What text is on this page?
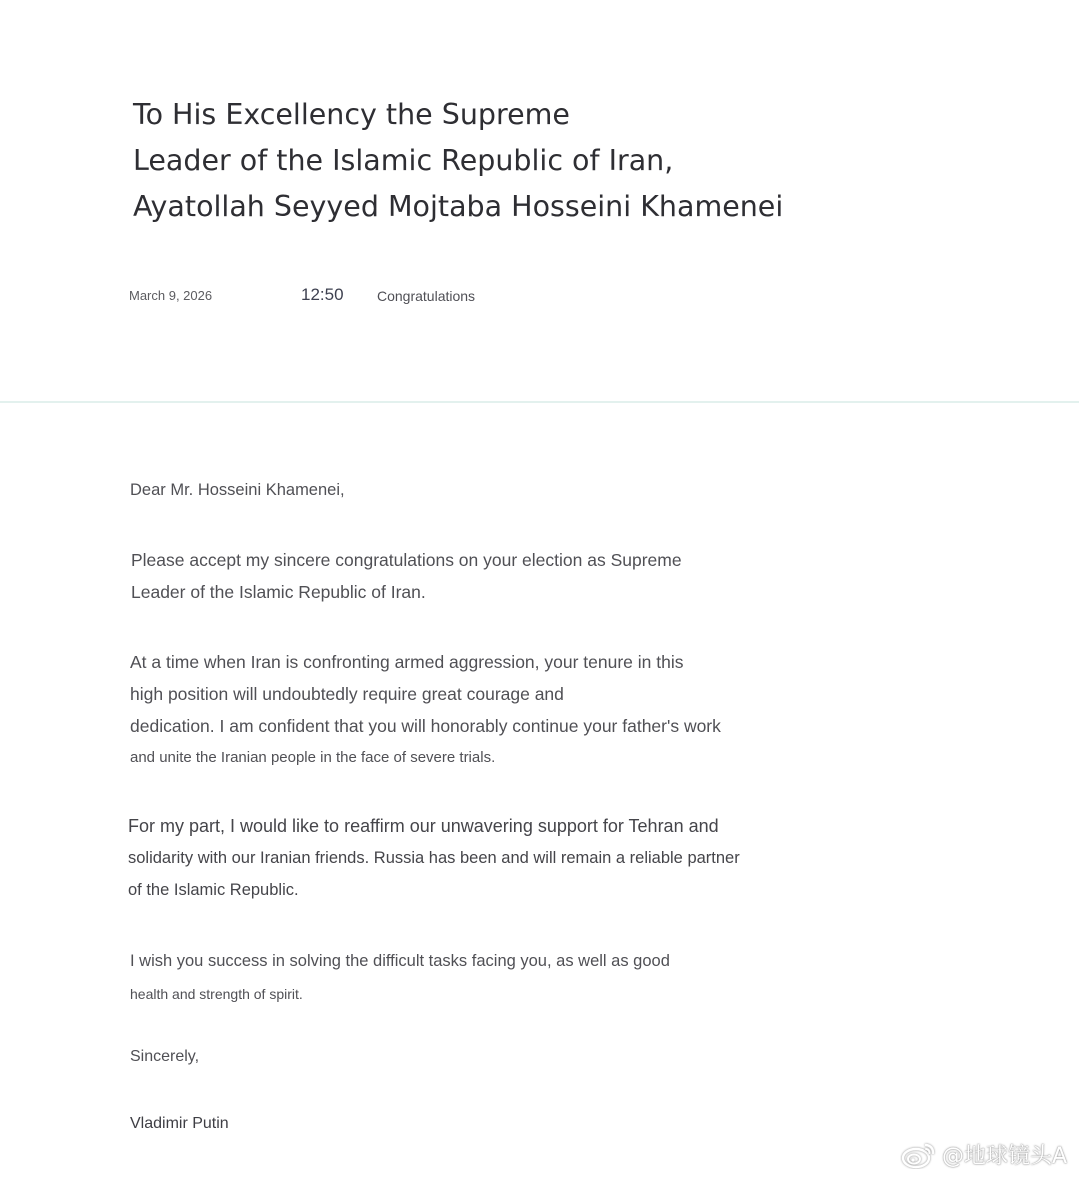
To His Excellency the Supreme
Leader of the Islamic Republic of Iran,
Ayatollah Seyyed Mojtaba Hosseini Khamenei
March 9, 2026	12:50 Congratulations

Dear Mr. Hosseini Khamenei,

Please accept my sincere congratulations on your election as Supreme
Leader of the Islamic Republic of Iran.

At a time when Iran is confronting armed aggression, your tenure in this
high position will undoubtedly require great courage and
dedication. I am confident that you will honorably continue your father's work
and unite the Iranian people in the face of severe trials.

For my part, I would like to reaffirm our unwavering support for Tehran and
solidarity with our Iranian friends. Russia has been and will remain a reliable partner
of the Islamic Republic.

I wish you success in solving the difficult tasks facing you, as well as good
health and strength of spirit.

Sincerely,

Vladimir Putin

@地球镜头A
